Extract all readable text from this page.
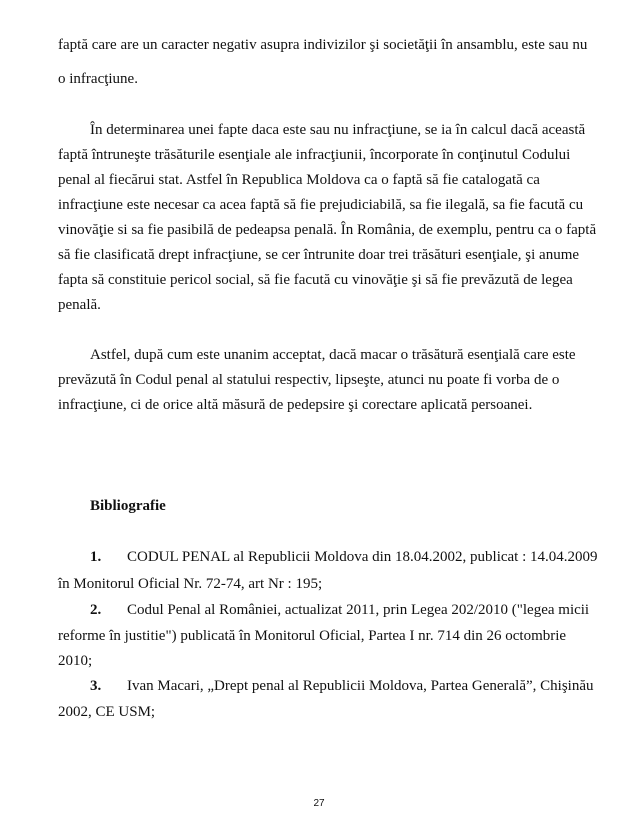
faptă care are un caracter negativ asupra indivizilor şi societăţii în ansamblu, este sau nu
o infracţiune.
În determinarea unei fapte daca este sau nu infracţiune, se ia în calcul dacă această
faptă întruneşte trăsăturile esenţiale ale infracţiunii, încorporate în conţinutul Codului
penal al fiecărui stat. Astfel în Republica Moldova ca o faptă să fie catalogată ca
infracţiune este necesar ca acea faptă să fie prejudiciabilă, sa fie ilegală, sa fie facută cu
vinovăţie si sa fie pasibilă de pedeapsa penală. În România, de exemplu, pentru ca o faptă
să fie clasificată drept infracţiune, se cer întrunite doar trei trăsături esenţiale, şi anume
fapta să constituie pericol social, să fie facută cu vinovăţie şi să fie prevăzută de legea
penală.
Astfel, după cum este unanim acceptat, dacă macar o trăsătură esenţială care este
prevăzută în Codul penal al statului respectiv, lipseşte, atunci nu poate fi vorba de o
infracţiune, ci de orice altă măsură de pedepsire şi corectare aplicată persoanei.
Bibliografie
1. CODUL PENAL al Republicii Moldova din 18.04.2002, publicat : 14.04.2009
în Monitorul Oficial Nr. 72-74, art Nr : 195;
2. Codul Penal al României, actualizat 2011, prin Legea 202/2010 ("legea micii
reforme în justitie") publicată în Monitorul Oficial, Partea I nr. 714 din 26 octombrie
2010;
3. Ivan Macari, „Drept penal al Republicii Moldova, Partea Generală”, Chişinău
2002, CE USM;
27
